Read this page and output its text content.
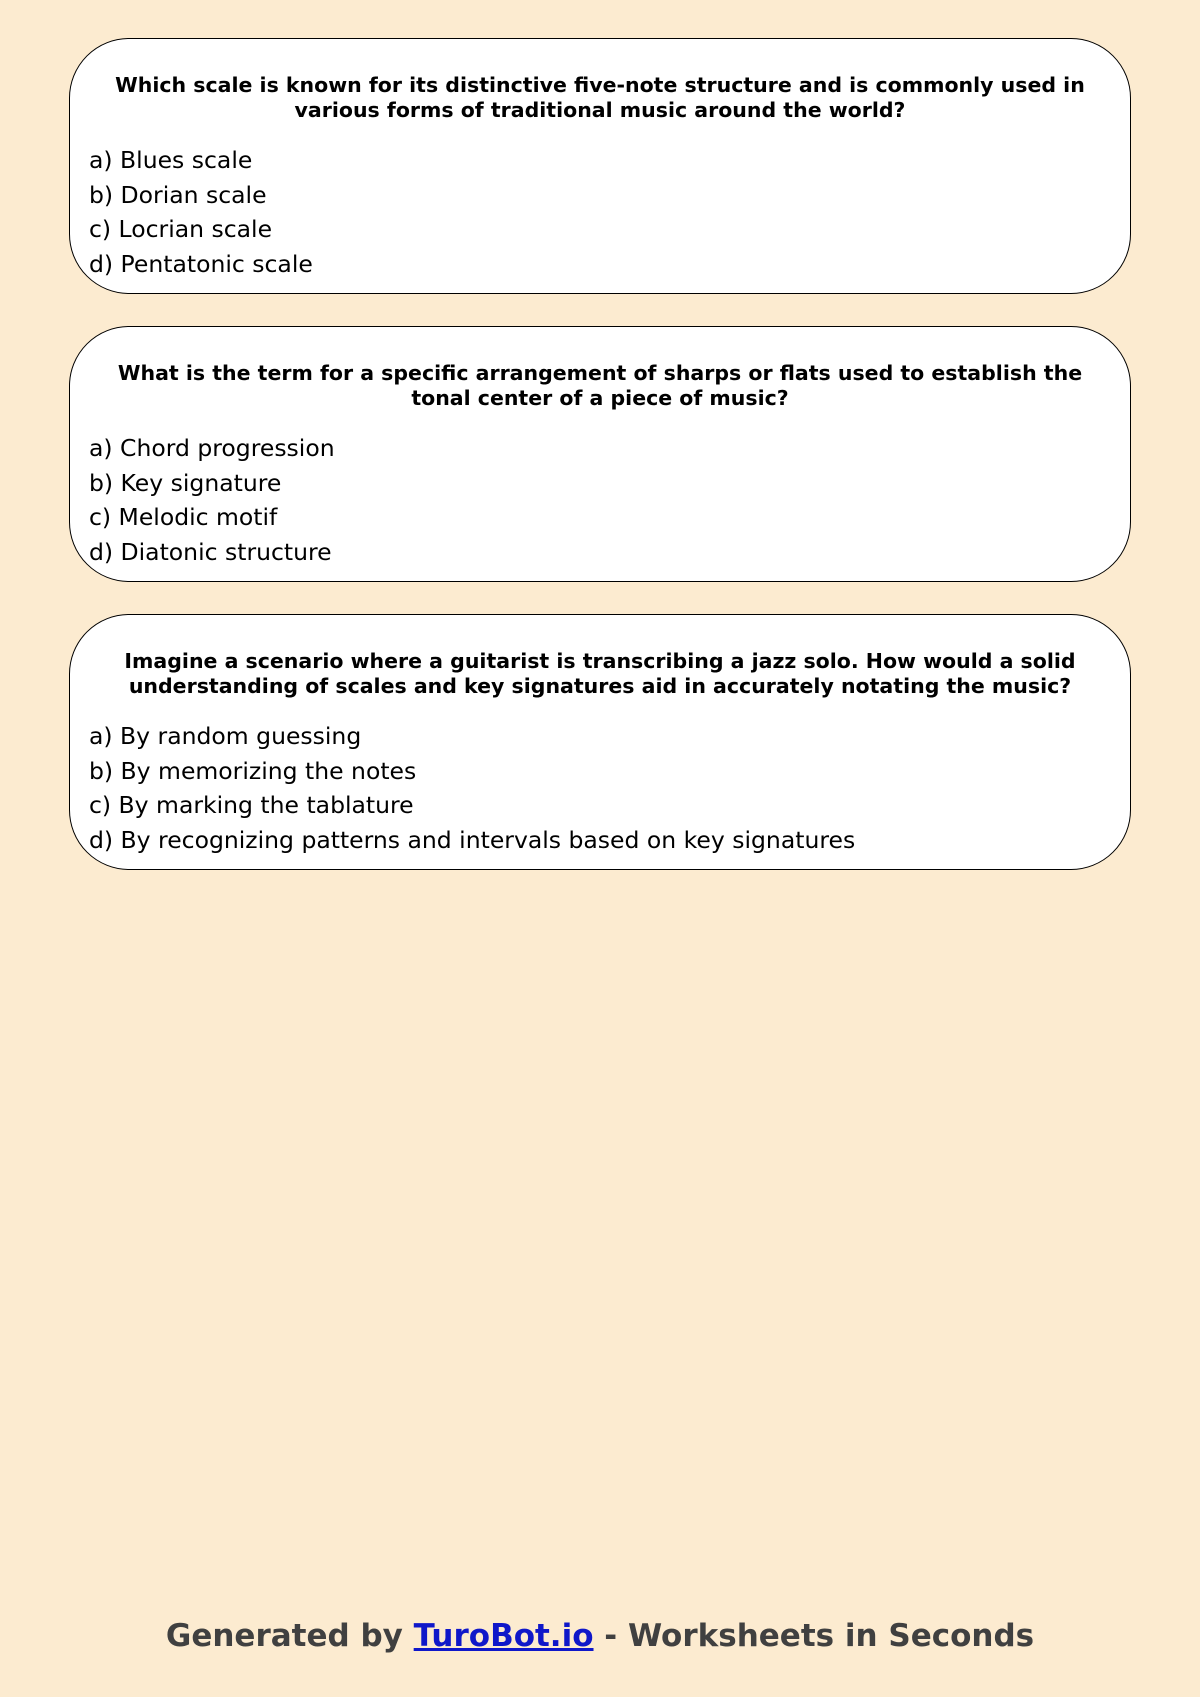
Which scale is known for its distinctive five-note structure and is commonly used in various forms of traditional music around the world?
a) Blues scale
b) Dorian scale
c) Locrian scale
d) Pentatonic scale
What is the term for a specific arrangement of sharps or flats used to establish the tonal center of a piece of music?
a) Chord progression
b) Key signature
c) Melodic motif
d) Diatonic structure
Imagine a scenario where a guitarist is transcribing a jazz solo. How would a solid understanding of scales and key signatures aid in accurately notating the music?
a) By random guessing
b) By memorizing the notes
c) By marking the tablature
d) By recognizing patterns and intervals based on key signatures
Generated by TuroBot.io - Worksheets in Seconds
